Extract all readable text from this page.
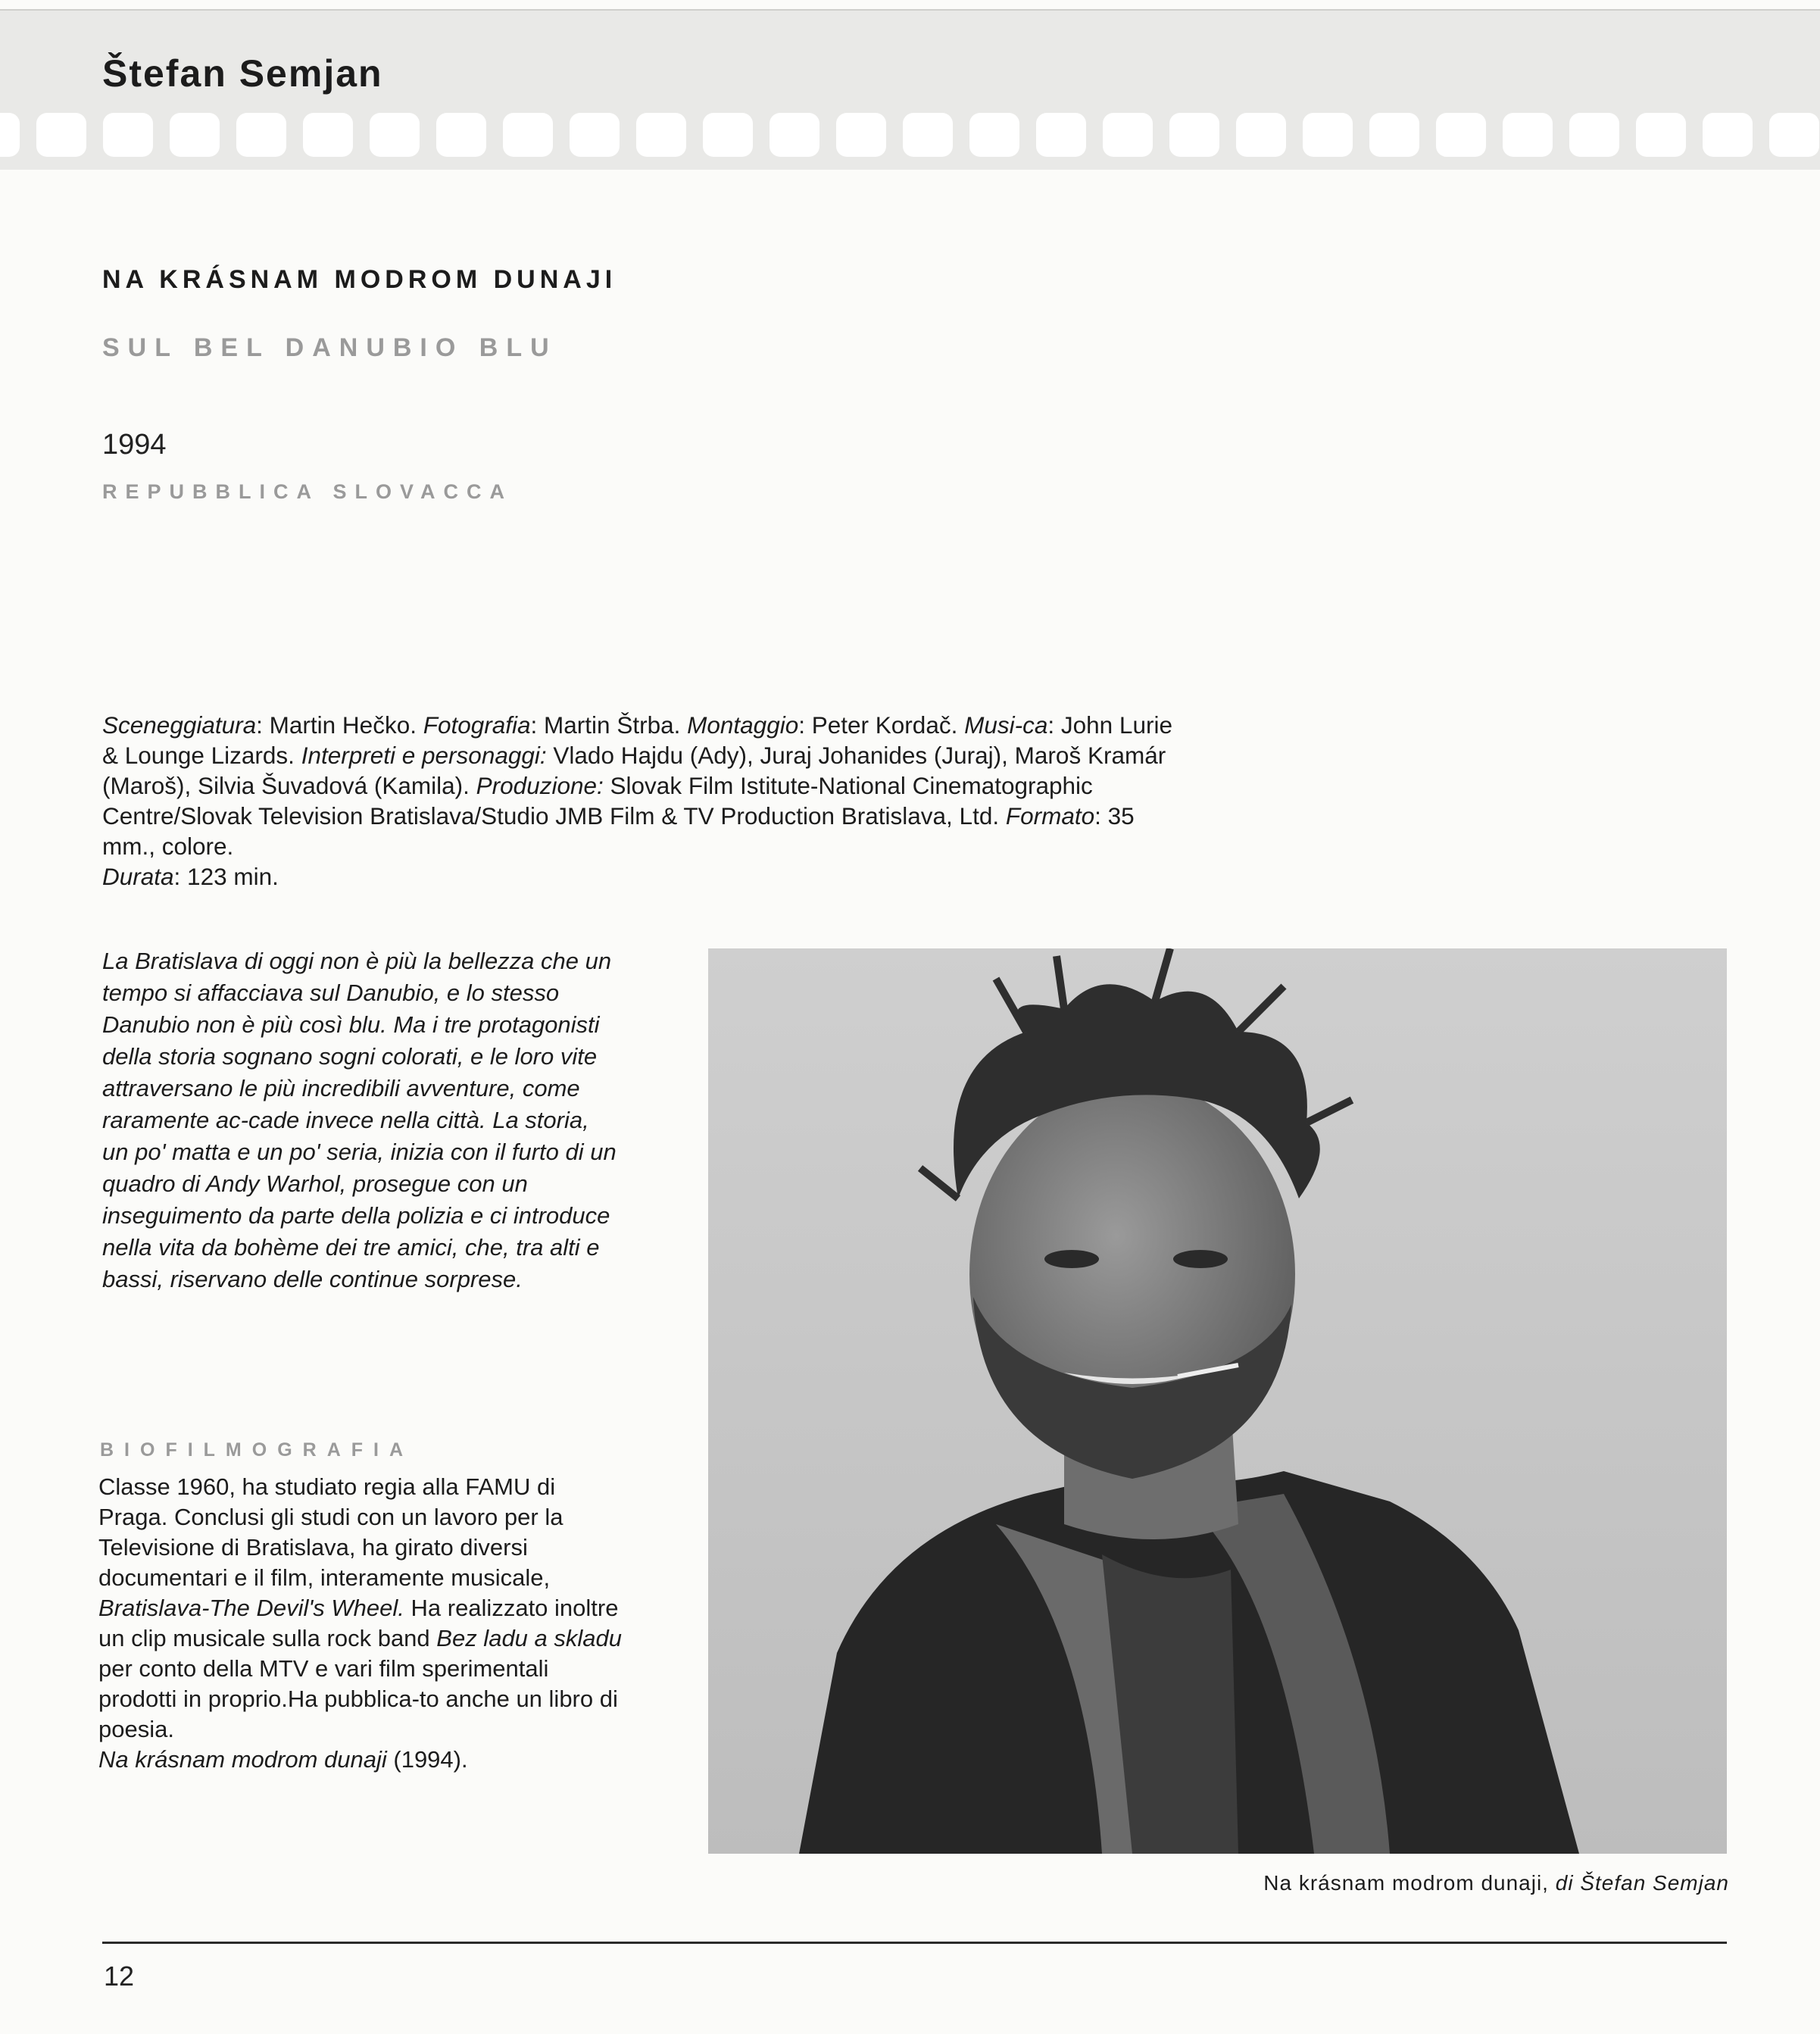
Štefan Semjan
NA KRÁSNAM MODROM DUNAJI
SUL BEL DANUBIO BLU
1994
REPUBBLICA SLOVACCA
Sceneggiatura: Martin Hečko. Fotografia: Martin Štrba. Montaggio: Peter Kordač. Musi-ca: John Lurie & Lounge Lizards. Interpreti e personaggi: Vlado Hajdu (Ady), Juraj Johanides (Juraj), Maroš Kramár (Maroš), Silvia Šuvadová (Kamila). Produzione: Slovak Film Istitute-National Cinematographic Centre/Slovak Television Bratislava/Studio JMB Film & TV Production Bratislava, Ltd. Formato: 35 mm., colore.
Durata: 123 min.
La Bratislava di oggi non è più la bellezza che un tempo si affacciava sul Danubio, e lo stesso Danubio non è più così blu. Ma i tre protagonisti della storia sognano sogni colorati, e le loro vite attraversano le più incredibili avventure, come raramente ac-cade invece nella città. La storia, un po' matta e un po' seria, inizia con il furto di un quadro di Andy Warhol, prosegue con un inseguimento da parte della polizia e ci introduce nella vita da bohème dei tre amici, che, tra alti e bassi, riservano delle continue sorprese.
BIOFILMOGRAFIA
Classe 1960, ha studiato regia alla FAMU di Praga. Conclusi gli studi con un lavoro per la Televisione di Bratislava, ha girato diversi documentari e il film, interamente musicale, Bratislava-The Devil's Wheel. Ha realizzato inoltre un clip musicale sulla rock band Bez ladu a skladu per conto della MTV e vari film sperimentali prodotti in proprio.Ha pubblica-to anche un libro di poesia.
Na krásnam modrom dunaji (1994).
Na krásnam modrom dunaji, di Štefan Semjan
12
